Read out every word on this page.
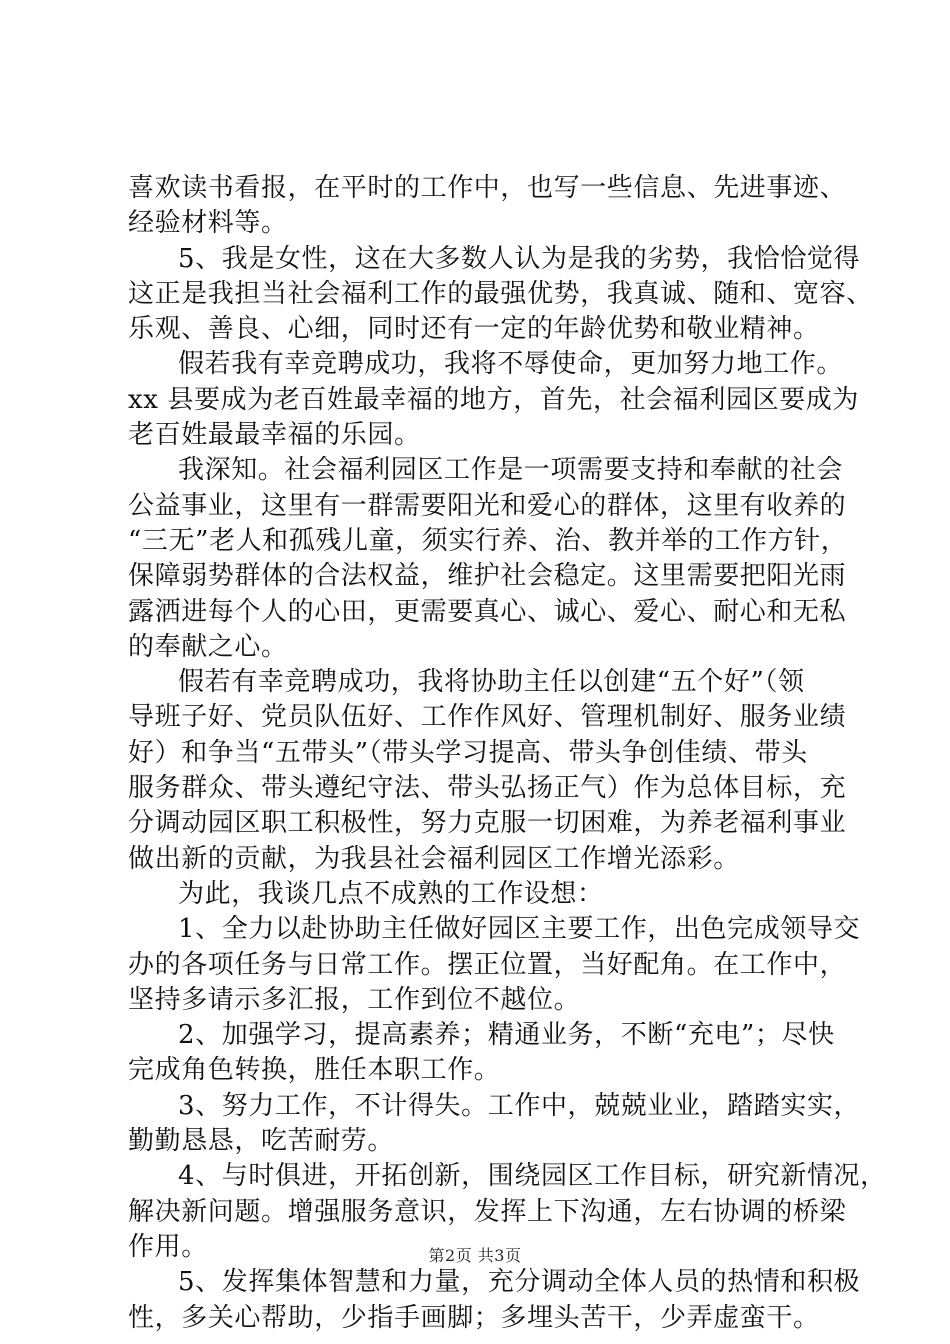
喜欢读书看报，在平时的工作中，也写一些信息、先进事迹、
经验材料等。
5、我是女性，这在大多数人认为是我的劣势，我恰恰觉得
这正是我担当社会福利工作的最强优势，我真诚、随和、宽容、
乐观、善良、心细，同时还有一定的年龄优势和敬业精神。
假若我有幸竞聘成功，我将不辱使命，更加努力地工作。
xx 县要成为老百姓最幸福的地方，首先，社会福利园区要成为
老百姓最最幸福的乐园。
我深知。社会福利园区工作是一项需要支持和奉献的社会
公益事业，这里有一群需要阳光和爱心的群体，这里有收养的
“三无”老人和孤残儿童，须实行养、治、教并举的工作方针，
保障弱势群体的合法权益，维护社会稳定。这里需要把阳光雨
露洒进每个人的心田，更需要真心、诚心、爱心、耐心和无私
的奉献之心。
假若有幸竞聘成功，我将协助主任以创建“五个好”（领
导班子好、党员队伍好、工作作风好、管理机制好、服务业绩
好）和争当“五带头”（带头学习提高、带头争创佳绩、带头
服务群众、带头遵纪守法、带头弘扬正气）作为总体目标，充
分调动园区职工积极性，努力克服一切困难，为养老福利事业
做出新的贡献，为我县社会福利园区工作增光添彩。
为此，我谈几点不成熟的工作设想：
1、全力以赴协助主任做好园区主要工作，出色完成领导交
办的各项任务与日常工作。摆正位置，当好配角。在工作中，
坚持多请示多汇报，工作到位不越位。
2、加强学习，提高素养；精通业务，不断“充电”；尽快
完成角色转换，胜任本职工作。
3、努力工作，不计得失。工作中，兢兢业业，踏踏实实，
勤勤恳恳，吃苦耐劳。
4、与时俱进，开拓创新，围绕园区工作目标，研究新情况，
解决新问题。增强服务意识，发挥上下沟通，左右协调的桥梁
作用。
5、发挥集体智慧和力量，充分调动全体人员的热情和积极
性，多关心帮助，少指手画脚；多埋头苦干，少弄虚蛮干。
第2页 共3页
